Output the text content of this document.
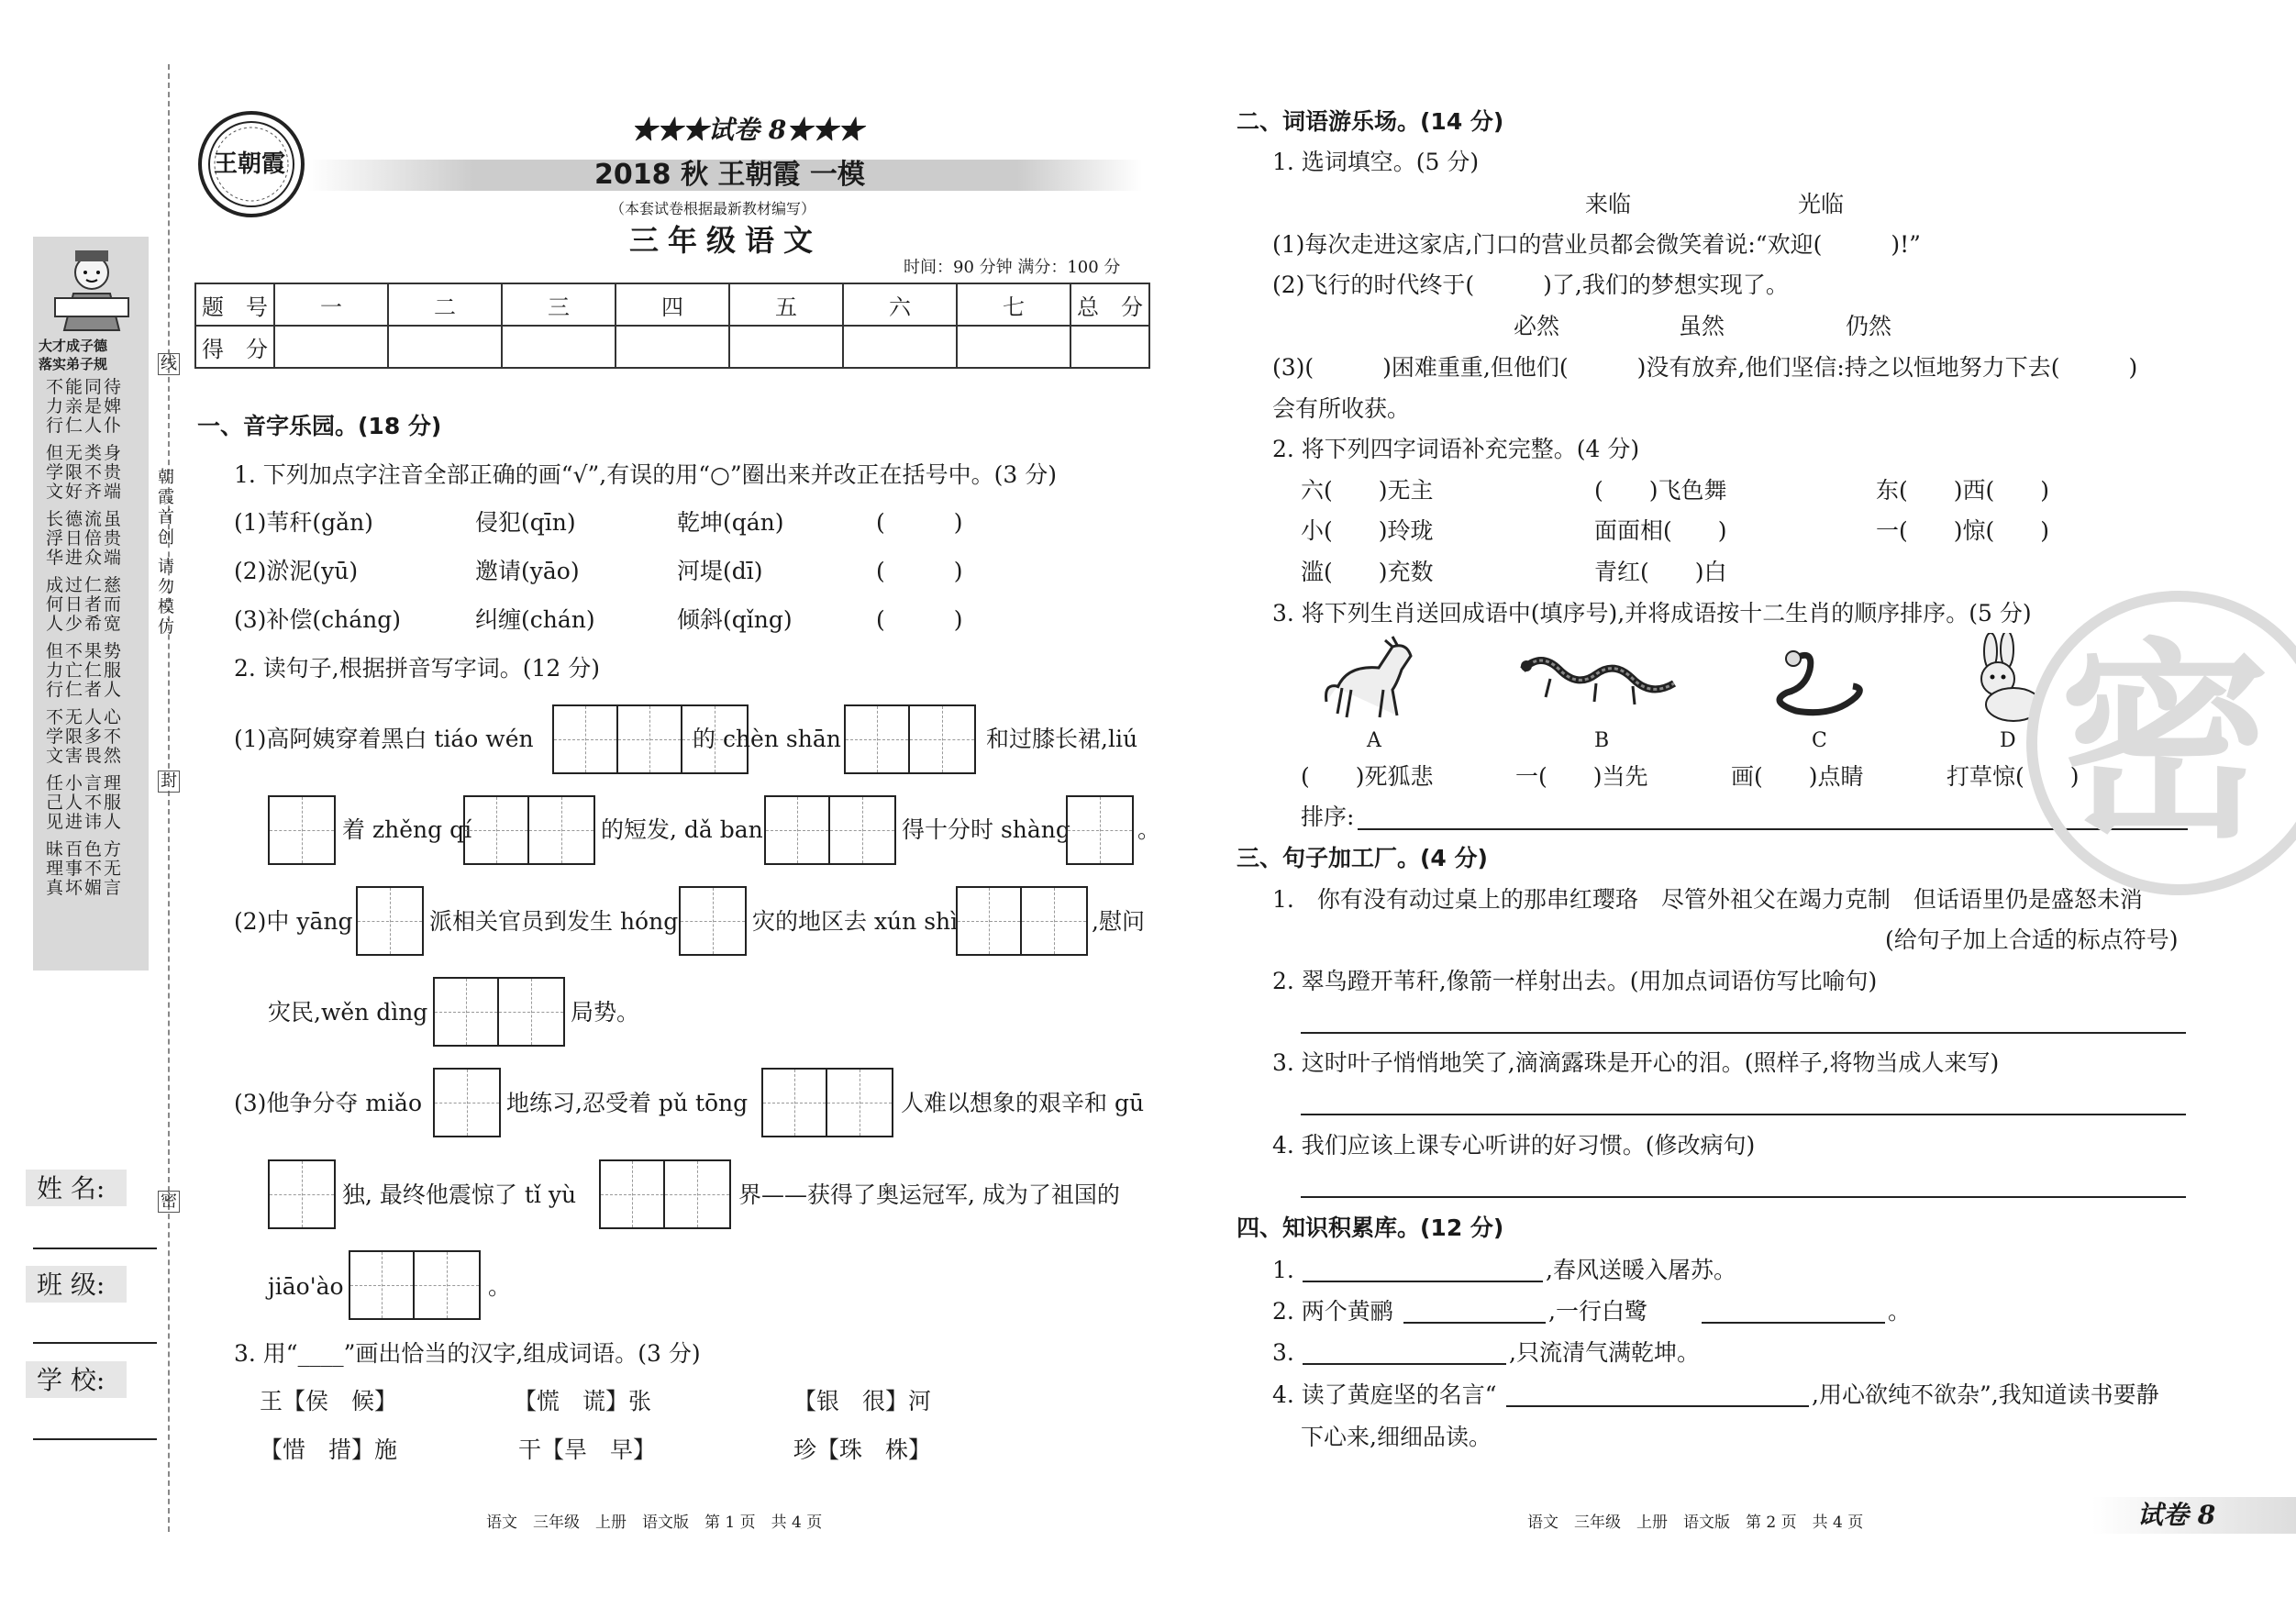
大才成子德
落实弟子规
不能同待力亲是婢行仁人仆
但无类身学限不贵文好齐端
长德流虽浮日倍贵华进众端
成过仁慈何日者而人少希宽
但不果势力亡仁服行仁者人
不无人心学限多不文害畏然
任小言理己人不服见进讳人
昧百色方理事不无真坏媚言
朝霞首创 请勿模仿
线
封
密
姓 名:
班 级:
学 校:
王朝霞
★★★试卷 8★★★
2018 秋 王朝霞 一模
（本套试卷根据最新教材编写）
三年级语文
时间：90 分钟 满分：100 分
题　号	一	二	三	四	五	六	七	总　分
得　分								
一、音字乐园。(18 分)
1. 下列加点字注音全部正确的画“√”,有误的用“○”圈出来并改正在括号中。(3 分)
(1)苇秆(gǎn)	侵犯(qīn)	乾坤(qán)	(　　　)
(2)淤泥(yū)	邀请(yāo)	河堤(dī)	(　　　)
(3)补偿(cháng)	纠缠(chán)	倾斜(qǐng)	(　　　)
2. 读句子,根据拼音写字词。(12 分)
(1)高阿姨穿着黑白 tiáo wén	的 chèn shān	和过膝长裙,liú
着 zhěng qí	的短发, dǎ ban	得十分时 shàng	。
(2)中 yāng	派相关官员到发生 hóng	灾的地区去 xún shì	,慰问
灾民,wěn dìng	局势。
(3)他争分夺 miǎo	地练习,忍受着 pǔ tōng	人难以想象的艰辛和 gū
独, 最终他震惊了 tǐ yù	界——获得了奥运冠军, 成为了祖国的
jiāo'ào	。
3. 用“____”画出恰当的汉字,组成词语。(3 分)
王【侯　候】	【慌　谎】张	【银　很】河
【惜　措】施	干【旱　早】	珍【珠　株】
语文　三年级　上册　语文版　第 1 页　共 4 页
二、词语游乐场。(14 分)
1. 选词填空。(5 分)
来临	光临
(1)每次走进这家店,门口的营业员都会微笑着说:“欢迎(　　　)!”
(2)飞行的时代终于(　　　)了,我们的梦想实现了。
必然	虽然	仍然
(3)(　　　)困难重重,但他们(　　　)没有放弃,他们坚信:持之以恒地努力下去(　　　)
会有所收获。
2. 将下列四字词语补充完整。(4 分)
六(　　)无主	(　　)飞色舞	东(　　)西(　　)
小(　　)玲珑	面面相(　　)	一(　　)惊(　　)
滥(　　)充数	青红(　　)白
3. 将下列生肖送回成语中(填序号),并将成语按十二生肖的顺序排序。(5 分)
A	B	C	D
(　　)死狐悲	一(　　)当先	画(　　)点睛	打草惊(　　)
排序:
三、句子加工厂。(4 分)
1.　你有没有动过桌上的那串红璎珞　尽管外祖父在竭力克制　但话语里仍是盛怒未消
(给句子加上合适的标点符号)
2. 翠鸟蹬开苇秆,像箭一样射出去。(用加点词语仿写比喻句)
3. 这时叶子悄悄地笑了,滴滴露珠是开心的泪。(照样子,将物当成人来写)
4. 我们应该上课专心听讲的好习惯。(修改病句)
四、知识积累库。(12 分)
1.	,春风送暖入屠苏。
2. 两个黄鹂	,一行白鹭	。
3.	,只流清气满乾坤。
4. 读了黄庭坚的名言“	,用心欲纯不欲杂”,我知道读书要静
下心来,细细品读。
语文　三年级　上册　语文版　第 2 页　共 4 页	试卷 8
密
